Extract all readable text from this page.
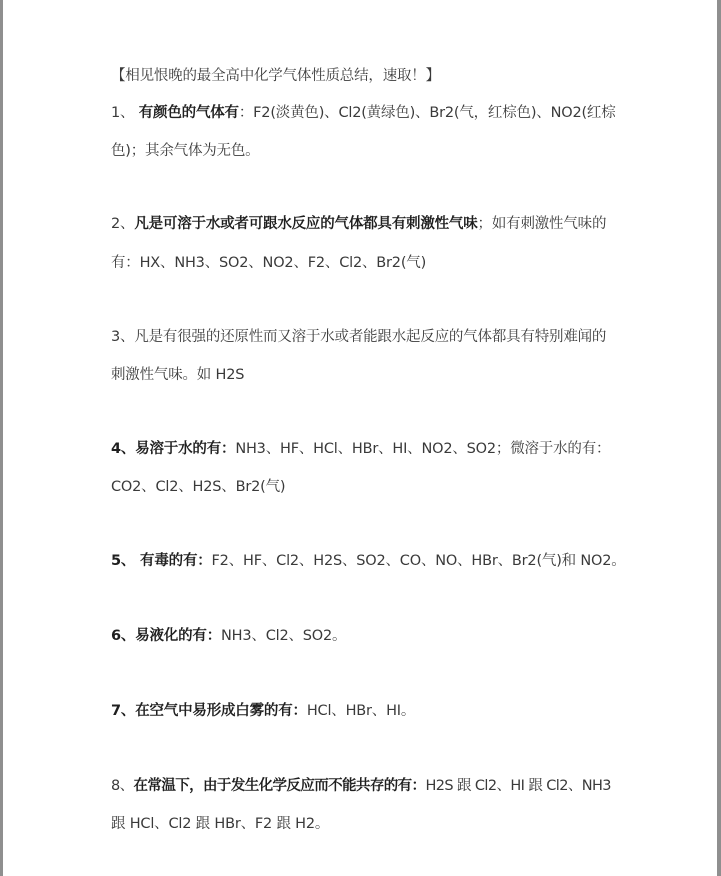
【相见恨晚的最全高中化学气体性质总结，速取！】
1、 有颜色的气体有：F2(淡黄色)、Cl2(黄绿色)、Br2(气，红棕色)、NO2(红棕
色)；其余气体为无色。
2、凡是可溶于水或者可跟水反应的气体都具有刺激性气味；如有刺激性气味的
有：HX、NH3、SO2、NO2、F2、Cl2、Br2(气)
3、凡是有很强的还原性而又溶于水或者能跟水起反应的气体都具有特别难闻的
刺激性气味。如 H2S
4、易溶于水的有：NH3、HF、HCl、HBr、HI、NO2、SO2；微溶于水的有：
CO2、Cl2、H2S、Br2(气)
5、 有毒的有：F2、HF、Cl2、H2S、SO2、CO、NO、HBr、Br2(气)和 NO2。
6、易液化的有：NH3、Cl2、SO2。
7、在空气中易形成白雾的有：HCl、HBr、HI。
8、在常温下，由于发生化学反应而不能共存的有：H2S 跟 Cl2、HI 跟 Cl2、NH3
跟 HCl、Cl2 跟 HBr、F2 跟 H2。
